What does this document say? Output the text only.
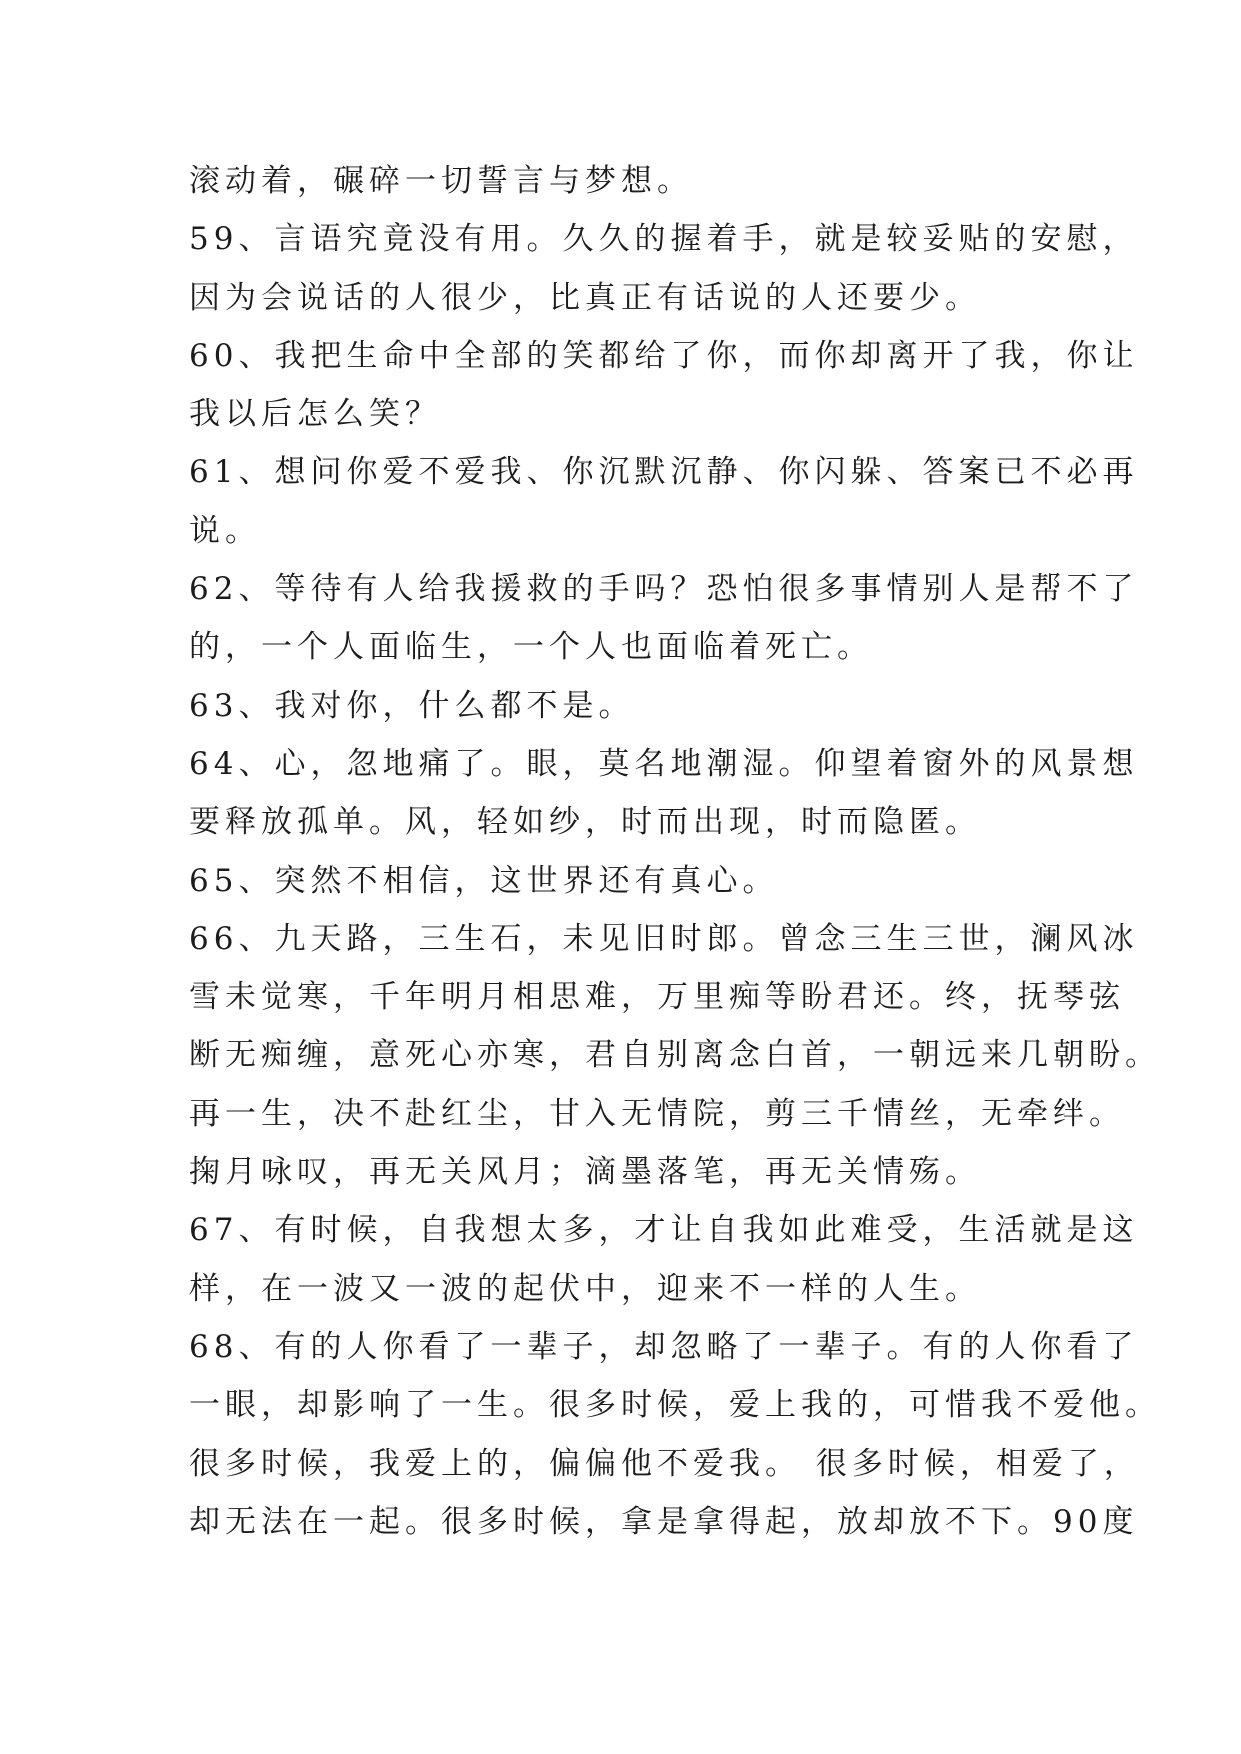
滚动着，碾碎一切誓言与梦想。
59、言语究竟没有用。久久的握着手，就是较妥贴的安慰，
因为会说话的人很少，比真正有话说的人还要少。
60、我把生命中全部的笑都给了你，而你却离开了我，你让
我以后怎么笑？
61、想问你爱不爱我、你沉默沉静、你闪躲、答案已不必再
说。
62、等待有人给我援救的手吗？恐怕很多事情别人是帮不了
的，一个人面临生，一个人也面临着死亡。
63、我对你，什么都不是。
64、心，忽地痛了。眼，莫名地潮湿。仰望着窗外的风景想
要释放孤单。风，轻如纱，时而出现，时而隐匿。
65、突然不相信，这世界还有真心。
66、九天路，三生石，未见旧时郎。曾念三生三世，澜风冰
雪未觉寒，千年明月相思难，万里痴等盼君还。终，抚琴弦
断无痴缠，意死心亦寒，君自别离念白首，一朝远来几朝盼。
再一生，决不赴红尘，甘入无情院，剪三千情丝，无牵绊。
掬月咏叹，再无关风月；滴墨落笔，再无关情殇。
67、有时候，自我想太多，才让自我如此难受，生活就是这
样，在一波又一波的起伏中，迎来不一样的人生。
68、有的人你看了一辈子，却忽略了一辈子。有的人你看了
一眼，却影响了一生。很多时候，爱上我的，可惜我不爱他。
很多时候，我爱上的，偏偏他不爱我。 很多时候，相爱了，
却无法在一起。很多时候，拿是拿得起，放却放不下。90度
